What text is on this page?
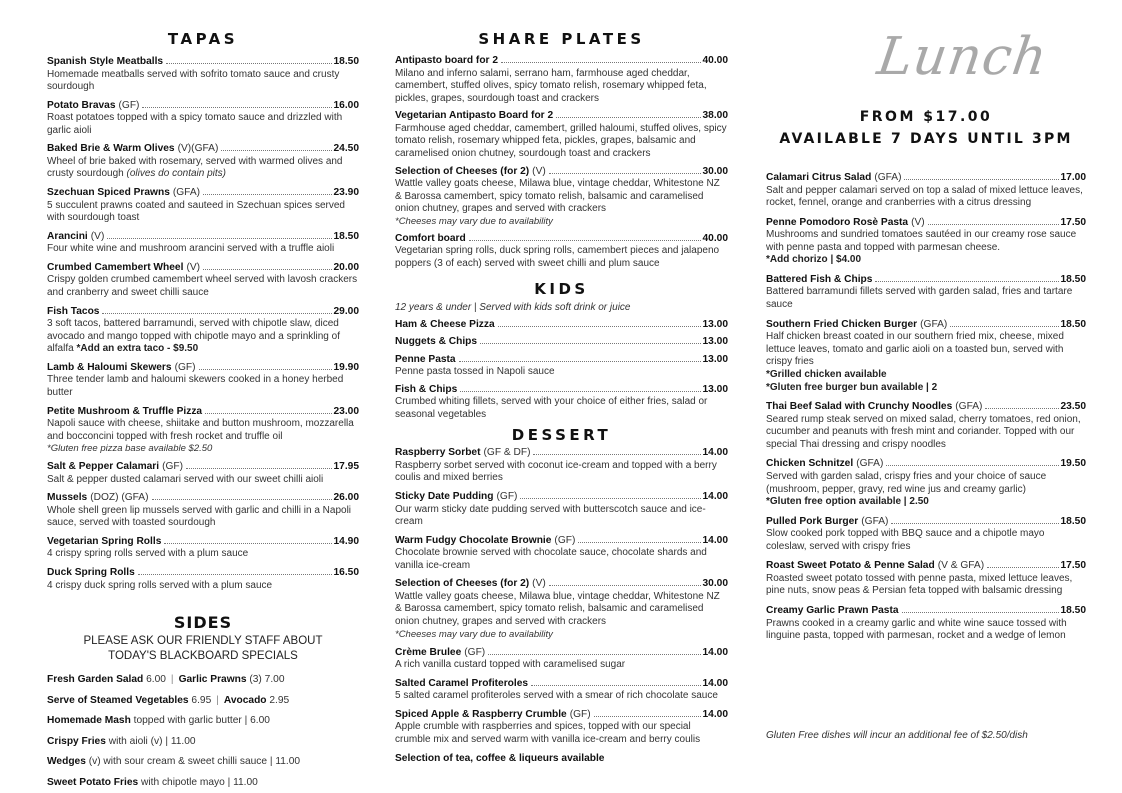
TAPAS
Spanish Style Meatballs	18.50
Homemade meatballs served with sofrito tomato sauce and crusty sourdough
Potato Bravas (GF)	16.00
Roast potatoes topped with a spicy tomato sauce and drizzled with garlic aioli
Baked Brie & Warm Olives (V)(GFA)	24.50
Wheel of brie baked with rosemary, served with warmed olives and crusty sourdough (olives do contain pits)
Szechuan Spiced Prawns (GFA)	23.90
5 succulent prawns coated and sauteed in Szechuan spices served with sourdough toast
Arancini (V)	18.50
Four white wine and mushroom arancini served with a truffle aioli
Crumbed Camembert Wheel (V)	20.00
Crispy golden crumbed camembert wheel served with lavosh crackers and cranberry and sweet chilli sauce
Fish Tacos	29.00
3 soft tacos, battered barramundi, served with chipotle slaw, diced avocado and mango topped with chipotle mayo and a sprinkling of alfalfa *Add an extra taco - $9.50
Lamb & Haloumi Skewers (GF)	19.90
Three tender lamb and haloumi skewers cooked in a honey herbed butter
Petite Mushroom & Truffle Pizza	23.00
Napoli sauce with cheese, shiitake and button mushroom, mozzarella and bocconcini topped with fresh rocket and truffle oil
*Gluten free pizza base available $2.50
Salt & Pepper Calamari (GF)	17.95
Salt & pepper dusted calamari served with our sweet chilli aioli
Mussels (DOZ) (GFA)	26.00
Whole shell green lip mussels served with garlic and chilli in a Napoli sauce, served with toasted sourdough
Vegetarian Spring Rolls	14.90
4 crispy spring rolls served with a plum sauce
Duck Spring Rolls	16.50
4 crispy duck spring rolls served with a plum sauce
SIDES
PLEASE ASK OUR FRIENDLY STAFF ABOUT TODAY'S BLACKBOARD SPECIALS
Fresh Garden Salad 6.00 | Garlic Prawns (3) 7.00
Serve of Steamed Vegetables 6.95 | Avocado 2.95
Homemade Mash topped with garlic butter | 6.00
Crispy Fries with aioli (v) | 11.00
Wedges (v) with sour cream & sweet chilli sauce | 11.00
Sweet Potato Fries with chipotle mayo | 11.00
SHARE PLATES
Antipasto board for 2	40.00
Milano and inferno salami, serrano ham, farmhouse aged cheddar, camembert, stuffed olives, spicy tomato relish, rosemary whipped feta, pickles, grapes, sourdough toast and crackers
Vegetarian Antipasto Board for 2	38.00
Farmhouse aged cheddar, camembert, grilled haloumi, stuffed olives, spicy tomato relish, rosemary whipped feta, pickles, grapes, balsamic and caramelised onion chutney, sourdough toast and crackers
Selection of Cheeses (for 2) (V)	30.00
Wattle valley goats cheese, Milawa blue, vintage cheddar, Whitestone NZ & Barossa camembert, spicy tomato relish, balsamic and caramelised onion chutney, grapes and served with crackers
*Cheeses may vary due to availability
Comfort board	40.00
Vegetarian spring rolls, duck spring rolls, camembert pieces and jalapeno poppers (3 of each) served with sweet chilli and plum sauce
KIDS
12 years & under | Served with kids soft drink or juice
Ham & Cheese Pizza	13.00
Nuggets & Chips	13.00
Penne Pasta	13.00
Penne pasta tossed in Napoli sauce
Fish & Chips	13.00
Crumbed whiting fillets, served with your choice of either fries, salad or seasonal vegetables
DESSERT
Raspberry Sorbet (GF & DF)	14.00
Raspberry sorbet served with coconut ice-cream and topped with a berry coulis and mixed berries
Sticky Date Pudding (GF)	14.00
Our warm sticky date pudding served with butterscotch sauce and ice-cream
Warm Fudgy Chocolate Brownie (GF)	14.00
Chocolate brownie served with chocolate sauce, chocolate shards and vanilla ice-cream
Selection of Cheeses (for 2) (V)	30.00
Wattle valley goats cheese, Milawa blue, vintage cheddar, Whitestone NZ & Barossa camembert, spicy tomato relish, balsamic and caramelised onion chutney, grapes and served with crackers
*Cheeses may vary due to availability
Crème Brulee (GF)	14.00
A rich vanilla custard topped with caramelised sugar
Salted Caramel Profiteroles	14.00
5 salted caramel profiteroles served with a smear of rich chocolate sauce
Spiced Apple & Raspberry Crumble (GF)	14.00
Apple crumble with raspberries and spices, topped with our special crumble mix and served warm with vanilla ice-cream and berry coulis
Selection of tea, coffee & liqueurs available
Lunch
FROM $17.00
AVAILABLE 7 DAYS UNTIL 3PM
Calamari Citrus Salad (GFA)	17.00
Salt and pepper calamari served on top a salad of mixed lettuce leaves, rocket, fennel, orange and cranberries with a citrus dressing
Penne Pomodoro Rosè Pasta (V)	17.50
Mushrooms and sundried tomatoes sautéed in our creamy rose sauce with penne pasta and topped with parmesan cheese.
*Add chorizo | $4.00
Battered Fish & Chips	18.50
Battered barramundi fillets served with garden salad, fries and tartare sauce
Southern Fried Chicken Burger (GFA)	18.50
Half chicken breast coated in our southern fried mix, cheese, mixed lettuce leaves, tomato and garlic aioli on a toasted bun, served with crispy fries
*Grilled chicken available
*Gluten free burger bun available | 2
Thai Beef Salad with Crunchy Noodles (GFA)	23.50
Seared rump steak served on mixed salad, cherry tomatoes, red onion, cucumber and peanuts with fresh mint and coriander. Topped with our special Thai dressing and crispy noodles
Chicken Schnitzel (GFA)	19.50
Served with garden salad, crispy fries and your choice of sauce (mushroom, pepper, gravy, red wine jus and creamy garlic)
*Gluten free option available | 2.50
Pulled Pork Burger (GFA)	18.50
Slow cooked pork topped with BBQ sauce and a chipotle mayo coleslaw, served with crispy fries
Roast Sweet Potato & Penne Salad (V & GFA)	17.50
Roasted sweet potato tossed with penne pasta, mixed lettuce leaves, pine nuts, snow peas & Persian feta topped with balsamic dressing
Creamy Garlic Prawn Pasta	18.50
Prawns cooked in a creamy garlic and white wine sauce tossed with linguine pasta, topped with parmesan, rocket and a wedge of lemon
Gluten Free dishes will incur an additional fee of $2.50/dish
